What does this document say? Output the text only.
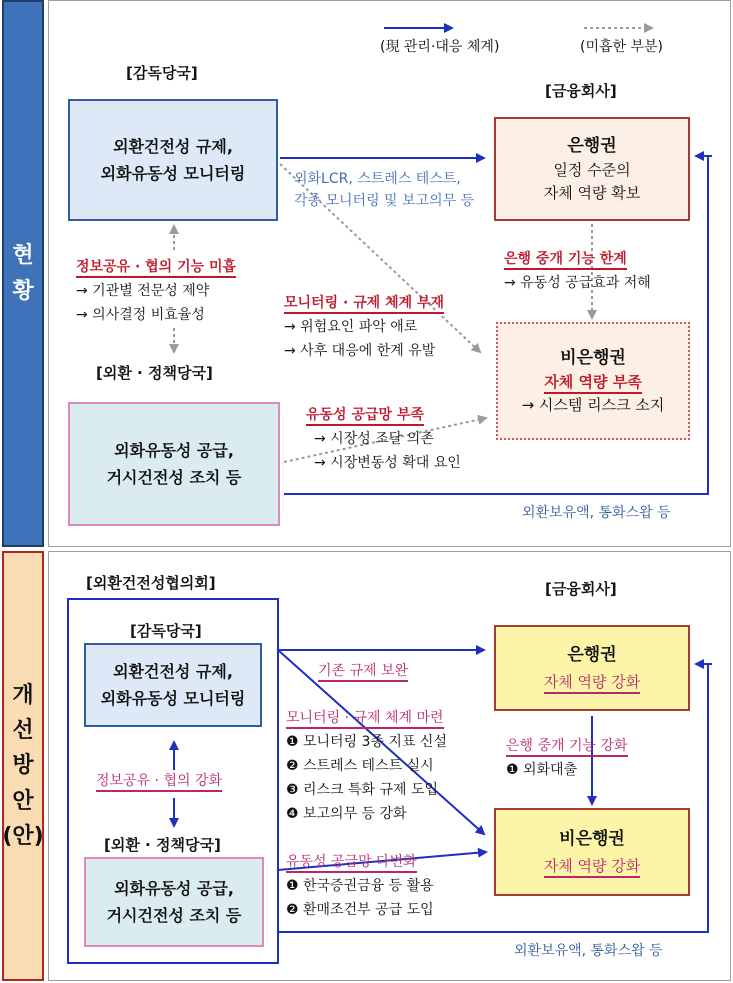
현
황
개
선
방
안
(안)
(現 관리·대응 체계)	(미흡한 부분)
[감독당국]
외환건전성 규제,
외화유동성 모니터링	외화LCR, 스트레스 테스트,
각종 모니터링 및 보고의무 등
정보공유 · 협의 기능 미흡
→ 기관별 전문성 제약
→ 의사결정 비효율성
모니터링 · 규제 체계 부재
→ 위험요인 파악 애로
→ 사후 대응에 한계 유발
[외환 · 정책당국]
외화유동성 공급,
거시건전성 조치 등
유동성 공급망 부족
→ 시장성 조달 의존
→ 시장변동성 확대 요인
[금융회사]
은행권
일정 수준의
자체 역량 확보
은행 중개 기능 한계
→ 유동성 공급효과 저해
비은행권
자체 역량 부족
→ 시스템 리스크 소지
외환보유액, 통화스왑 등
[외환건전성협의회]
[감독당국]
외환건전성 규제,
외화유동성 모니터링
정보공유 · 협의 강화
[외환 · 정책당국]
외화유동성 공급,
거시건전성 조치 등
기존 규제 보완
모니터링 · 규제 체계 마련
❶ 모니터링 3종 지표 신설
❷ 스트레스 테스트 실시
❸ 리스크 특화 규제 도입
❹ 보고의무 등 강화
유동성 공급망 다변화
❶ 한국증권금융 등 활용
❷ 환매조건부 공급 도입
[금융회사]
은행권
자체 역량 강화
은행 중개 기능 강화
❶ 외화대출
비은행권
자체 역량 강화
외환보유액, 통화스왑 등
